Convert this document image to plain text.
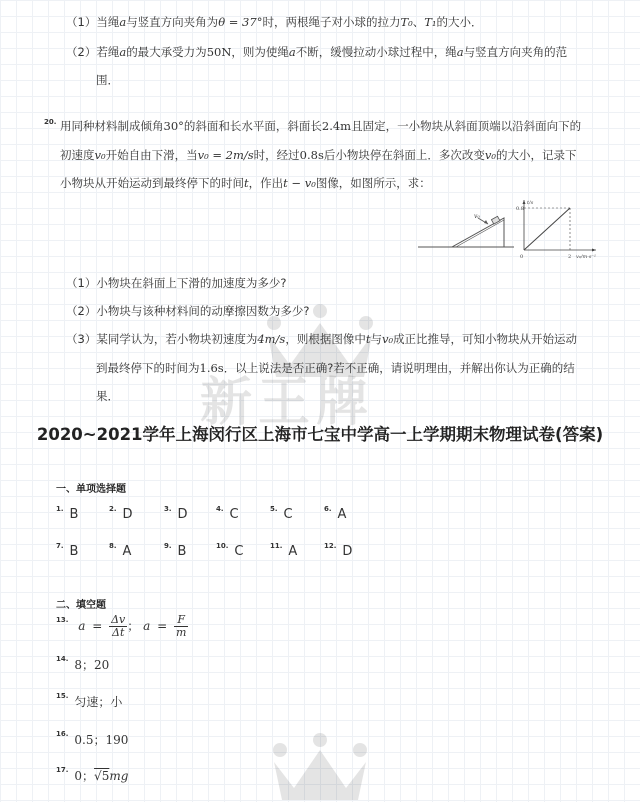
新王牌
（1）当绳a与竖直方向夹角为θ = 37°时，两根绳子对小球的拉力T₀、T₁的大小．
（2）若绳a的最大承受力为50N，则为使绳a不断，缓慢拉动小球过程中，绳a与竖直方向夹角的范
围．
20. 用同种材料制成倾角30°的斜面和长水平面，斜面长2.4m且固定，一小物块从斜面顶端以沿斜面向下的
初速度v₀开始自由下滑，当v₀ = 2m/s时，经过0.8s后小物块停在斜面上．多次改变v₀的大小，记录下
小物块从开始运动到最终停下的时间t，作出t − v₀图像，如图所示，求：
v₀
t/s
0.8
0	2 v₀/m·s⁻¹
（1）小物块在斜面上下滑的加速度为多少?
（2）小物块与该种材料间的动摩擦因数为多少?
（3）某同学认为，若小物块初速度为4m/s，则根据图像中t与v₀成正比推导，可知小物块从开始运动
到最终停下的时间为1.6s．以上说法是否正确?若不正确，请说明理由，并解出你认为正确的结
果．
2020~2021学年上海闵行区上海市七宝中学高一上学期期末物理试卷(答案)
一、单项选择题
$^{1.}$ B	$^{2.}$ D	$^{3.}$ D	$^{4.}$ C	$^{5.}$ C	$^{6.}$ A
$^{7.}$ B	$^{8.}$ A	$^{9.}$ B	$^{10.}$ C	$^{11.}$ A	$^{12.}$ D
二、填空题
$^{13.}$ $a = \frac{\Delta v}{\Delta t}$ ； $a = \frac{F}{m}$
$^{14.}$ 8；20
$^{15.}$ 匀速；小
$^{16.}$ 0.5；190
$^{17.}$ 0；√5mg
